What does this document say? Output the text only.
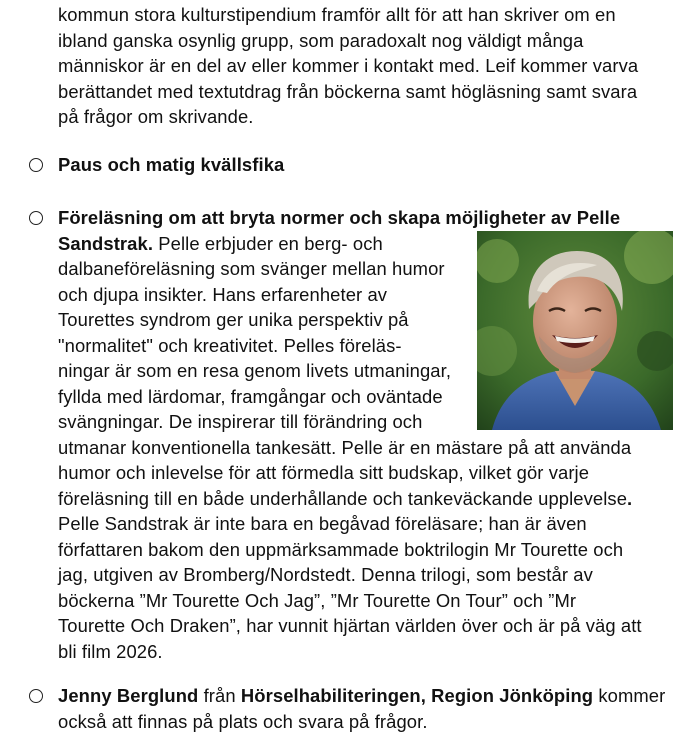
kommun stora kulturstipendium framför allt för att han skriver om en
ibland ganska osynlig grupp, som paradoxalt nog väldigt många
människor är en del av eller kommer i kontakt med. Leif kommer varva
berättandet med textutdrag från böckerna samt högläsning samt svara
på frågor om skrivande.
Paus och matig kvällsfika
Föreläsning om att bryta normer och skapa möjligheter av Pelle
Sandstrak. Pelle erbjuder en berg- och
dalbaneföreläsning som svänger mellan humor
och djupa insikter. Hans erfarenheter av
Tourettes syndrom ger unika perspektiv på
"normalitet" och kreativitet. Pelles föreläs-
ningar är som en resa genom livets utmaningar,
fyllda med lärdomar, framgångar och oväntade
svängningar. De inspirerar till förändring och
utmanar konventionella tankesätt. Pelle är en mästare på att använda
humor och inlevelse för att förmedla sitt budskap, vilket gör varje
föreläsning till en både underhållande och tankeväckande upplevelse.
Pelle Sandstrak är inte bara en begåvad föreläsare; han är även
författaren bakom den uppmärksammade boktrilogin Mr Tourette och
jag, utgiven av Bromberg/Nordstedt. Denna trilogi, som består av
böckerna ”Mr Tourette Och Jag”, ”Mr Tourette On Tour” och ”Mr
Tourette Och Draken”, har vunnit hjärtan världen över och är på väg att
bli film 2026.
Jenny Berglund från Hörselhabiliteringen, Region Jönköping kommer
också att finnas på plats och svara på frågor.
